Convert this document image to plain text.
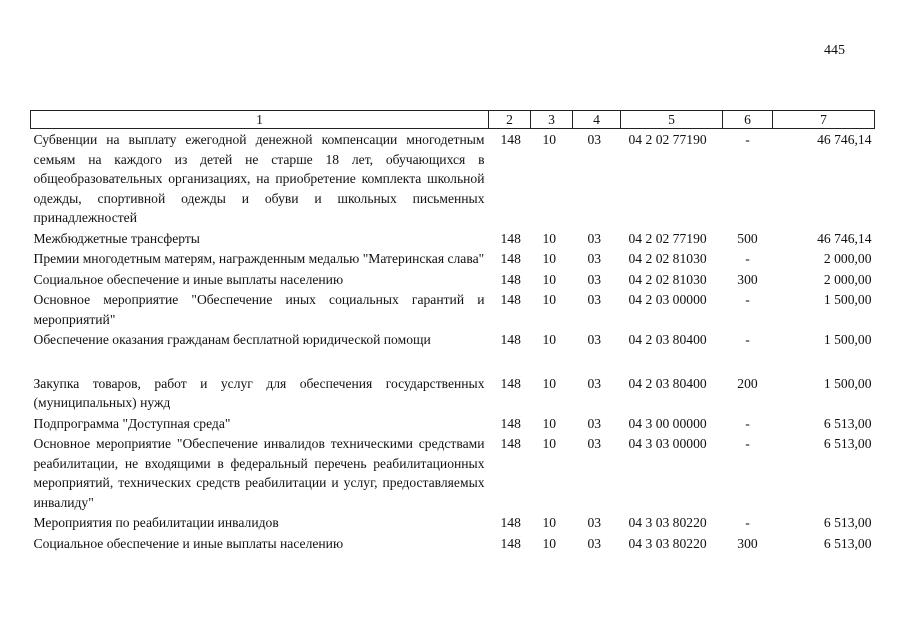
445
1	2	3	4	5	6	7
Субвенции на выплату ежегодной денежной компенсации многодетным семьям на каждого из детей не старше 18 лет, обучающихся в общеобразовательных организациях, на приобретение комплекта школьной одежды, спортивной одежды и обуви и школьных письменных принадлежностей	148	10	03	04 2 02 77190	-	46 746,14
Межбюджетные трансферты	148	10	03	04 2 02 77190	500	46 746,14
Премии многодетным матерям, награжденным медалью "Материнская слава"	148	10	03	04 2 02 81030	-	2 000,00
Социальное обеспечение и иные выплаты населению	148	10	03	04 2 02 81030	300	2 000,00
Основное мероприятие "Обеспечение иных социальных гарантий и мероприятий"	148	10	03	04 2 03 00000	-	1 500,00
Обеспечение оказания гражданам бесплатной юридической помощи	148	10	03	04 2 03 80400	-	1 500,00

Закупка товаров, работ и услуг для обеспечения государственных (муниципальных) нужд	148	10	03	04 2 03 80400	200	1 500,00
Подпрограмма "Доступная среда"	148	10	03	04 3 00 00000	-	6 513,00
Основное мероприятие "Обеспечение инвалидов техническими средствами реабилитации, не входящими в федеральный перечень реабилитационных мероприятий, технических средств реабилитации и услуг, предоставляемых инвалиду"	148	10	03	04 3 03 00000	-	6 513,00
Мероприятия по реабилитации инвалидов	148	10	03	04 3 03 80220	-	6 513,00
Социальное обеспечение и иные выплаты населению	148	10	03	04 3 03 80220	300	6 513,00
